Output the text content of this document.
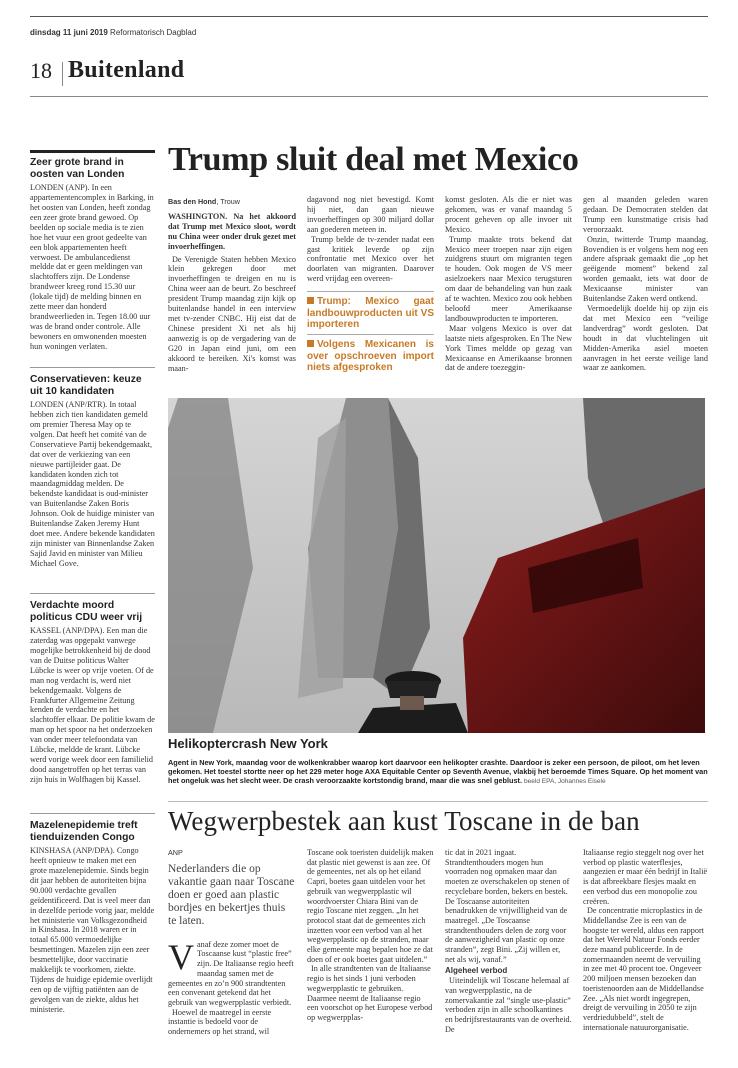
dinsdag 11 juni 2019 Reformatorisch Dagblad
18 Buitenland
Zeer grote brand in oosten van Londen

LONDEN (ANP). In een appartementencomplex in Barking, in het oosten van Londen, heeft zondag een zeer grote brand gewoed. Op beelden op sociale media is te zien hoe het vuur een groot gedeelte van een blok appartementen heeft verwoest. De ambulancedienst meldde dat er geen meldingen van slachtoffers zijn. De Londense brandweer kreeg rond 15.30 uur (lokale tijd) de melding binnen en zette meer dan honderd brandweerlieden in. Tegen 18.00 uur was de brand onder controle. Alle bewoners en omwonenden moesten hun woningen verlaten.

Conservatieven: keuze uit 10 kandidaten

LONDEN (ANP/RTR). In totaal hebben zich tien kandidaten gemeld om premier Theresa May op te volgen. Dat heeft het comité van de Conservatieve Partij bekendgemaakt, dat over de verkiezing van een nieuwe partijleider gaat. De kandidaten konden zich tot maandagmiddag melden. De bekendste kandidaat is oud-minister van Buitenlandse Zaken Boris Johnson. Ook de huidige minister van Buitenlandse Zaken Jeremy Hunt doet mee. Andere bekende kandidaten zijn minister van Binnenlandse Zaken Sajid Javid en minister van Milieu Michael Gove.

Verdachte moord politicus CDU weer vrij

KASSEL (ANP/DPA). Een man die zaterdag was opgepakt vanwege mogelijke betrokkenheid bij de dood van de Duitse politicus Walter Lübcke is weer op vrije voeten. Of de man nog verdacht is, werd niet bekendgemaakt. Volgens de Frankfurter Allgemeine Zeitung kenden de verdachte en het slachtoffer elkaar. De politie kwam de man op het spoor na het onderzoeken van onder meer telefoondata van Lübcke, meldde de krant. Lübcke werd vorige week door een familielid dood aangetroffen op het terras van zijn huis in Wolfhagen bij Kassel.

Mazelenepidemie treft tienduizenden Congo

KINSHASA (ANP/DPA). Congo heeft opnieuw te maken met een grote mazelenepidemie. Sinds begin dit jaar hebben de autoriteiten bijna 90.000 verdachte gevallen geïdentificeerd. Dat is veel meer dan in dezelfde periode vorig jaar, meldde het ministerie van Volksgezondheid in Kinshasa. In 2018 waren er in totaal 65.000 vermoedelijke besmettingen. Mazelen zijn een zeer besmettelijke, door vaccinatie makkelijk te voorkomen, ziekte. Tijdens de huidige epidemie overlijdt een op de vijftig patiënten aan de gevolgen van de ziekte, aldus het ministerie.

Trump sluit deal met Mexico
Bas den Hond, Trouw

WASHINGTON. Na het akkoord dat Trump met Mexico sloot, wordt nu China weer onder druk gezet met invoerheffingen.

De Verenigde Staten hebben Mexico klein gekregen door met invoerheffingen te dreigen en nu is China weer aan de beurt. Zo beschreef president Trump maandag zijn kijk op buitenlandse handel in een interview met tv-zender CNBC. Hij eist dat de Chinese president Xi net als hij aanwezig is op de vergadering van de G20 in Japan eind juni, om een akkoord te bereiken. Xi's komst was maan-

dagavond nog niet bevestigd. Komt hij niet, dan gaan nieuwe invoerheffingen op 300 miljard dollar aan goederen meteen in.

Trump belde de tv-zender nadat een gast kritiek leverde op zijn confrontatie met Mexico over het doorlaten van migranten. Daarover werd vrijdag een overeen-

Trump: Mexico gaat landbouwproducten uit VS importeren
Volgens Mexicanen is over opschroeven import niets afgesproken

komst gesloten. Als die er niet was gekomen, was er vanaf maandag 5 procent geheven op alle invoer uit Mexico.

Trump maakte trots bekend dat Mexico meer troepen naar zijn eigen zuidgrens stuurt om migranten tegen te houden. Ook mogen de VS meer asielzoekers naar Mexico terugsturen om daar de behandeling van hun zaak af te wachten. Mexico zou ook hebben beloofd meer Amerikaanse landbouwproducten te importeren.

Maar volgens Mexico is over dat laatste niets afgesproken. En The New York Times meldde op gezag van Mexicaanse en Amerikaanse bronnen dat de andere toezeggin-

gen al maanden geleden waren gedaan. De Democraten stelden dat Trump een kunstmatige crisis had veroorzaakt.

Onzin, twitterde Trump maandag. Bovendien is er volgens hem nog een andere afspraak gemaakt die „op het geëigende moment” bekend zal worden gemaakt, iets wat door de Mexicaanse minister van Buitenlandse Zaken werd ontkend.

Vermoedelijk doelde hij op zijn eis dat met Mexico een “veilige landverdrag” wordt gesloten. Dat houdt in dat vluchtelingen uit Midden-Amerika asiel moeten aanvragen in het eerste veilige land waar ze aankomen.

Helikoptercrash New York
Agent in New York, maandag voor de wolkenkrabber waarop kort daarvoor een helikopter crashte. Daardoor is zeker een persoon, de piloot, om het leven gekomen. Het toestel stortte neer op het 229 meter hoge AXA Equitable Center op Seventh Avenue, vlakbij het beroemde Times Square. Op het moment van het ongeluk was het slecht weer. De crash veroorzaakte kortstondig brand, maar die was snel geblust. beeld EPA, Johannes Eisele
Wegwerpbestek aan kust Toscane in de ban
ANP

Nederlanders die op vakantie gaan naar Toscane doen er goed aan plastic bordjes en bekertjes thuis te laten.

Vanaf deze zomer moet de Toscaanse kust “plastic free” zijn. De Italiaanse regio heeft maandag samen met de gemeentes en zo’n 900 strandtenten een convenant getekend dat het gebruik van wegwerpplastic verbiedt.

Hoewel de maatregel in eerste instantie is bedoeld voor de ondernemers op het strand, wil

Toscane ook toeristen duidelijk maken dat plastic niet gewenst is aan zee. Of de gemeentes, net als op het eiland Capri, boetes gaan uitdelen voor het gebruik van wegwerpplastic wil woordvoerster Chiara Bini van de regio Toscane niet zeggen. „In het protocol staat dat de gemeentes zich inzetten voor een verbod van al het wegwerpplastic op de stranden, maar elke gemeente mag bepalen hoe ze dat doen of er ook boetes gaat uitdelen.”

In alle strandtenten van de Italiaanse regio is het sinds 1 juni verboden wegwerpplastic te gebruiken. Daarmee neemt de Italiaanse regio een voorschot op het Europese verbod op wegwerpplas-

tic dat in 2021 ingaat. Strandtenthouders mogen hun voorraden nog opmaken maar dan moeten ze overschakelen op stenen of recyclebare borden, bekers en bestek. De Toscaanse autoriteiten benadrukken de vrijwilligheid van de maatregel. „De Toscaanse strandtenthouders delen de zorg voor de aanwezigheid van plastic op onze stranden”, zegt Bini. „Zij willen er, net als wij, vanaf.”

Algeheel verbod

Uiteindelijk wil Toscane helemaal af van wegwerpplastic, na de zomervakantie zal “single use-plastic” verboden zijn in alle schoolkantines en bedrijfsrestaurants van de overheid. De

Italiaanse regio steggelt nog over het verbod op plastic waterflesjes, aangezien er maar één bedrijf in Italië is dat afbreekbare flesjes maakt en een verbod dus een monopolie zou creëren.

De concentratie microplastics in de Middellandse Zee is een van de hoogste ter wereld, aldus een rapport dat het Wereld Natuur Fonds eerder deze maand publiceerde. In de zomermaanden neemt de vervuiling in zee met 40 procent toe. Ongeveer 200 miljoen mensen bezoeken dan toeristenoorden aan de Middellandse Zee. „Als niet wordt ingegrepen, dreigt de vervuiling in 2050 te zijn verdriedubbeld”, stelt de internationale natuurorganisatie.
